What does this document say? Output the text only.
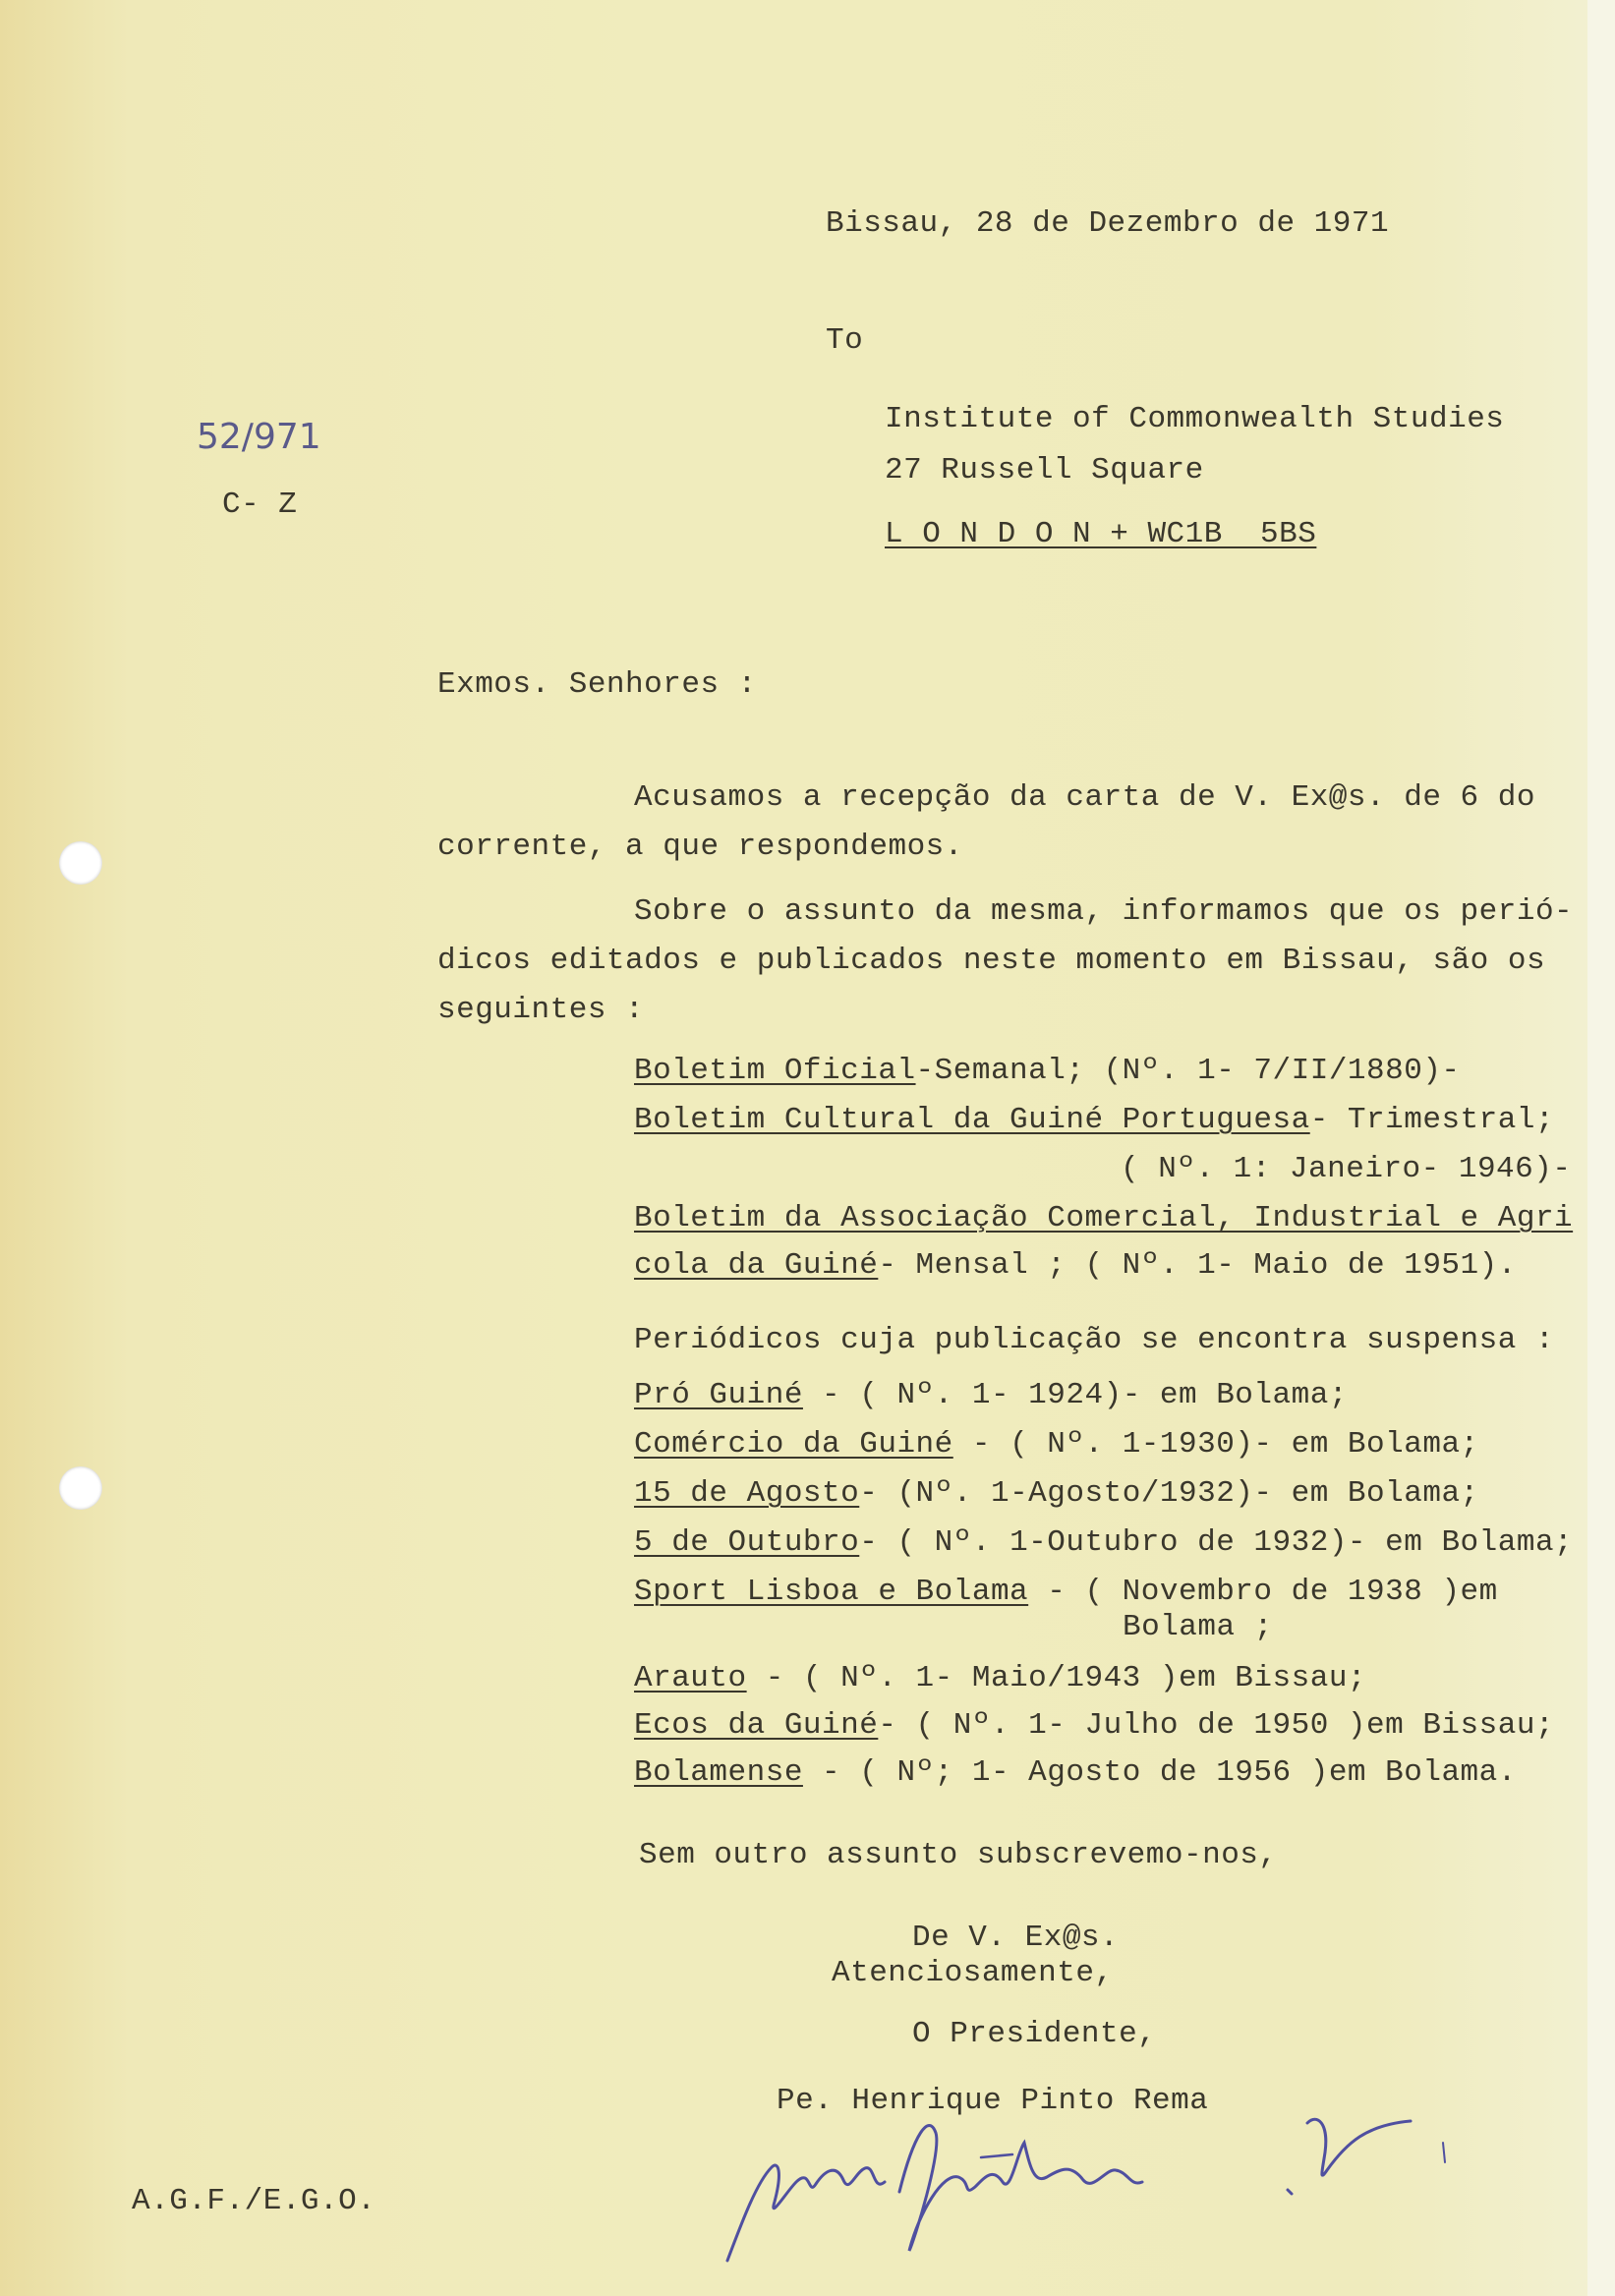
Bissau, 28 de Dezembro de 1971
To
Institute of Commonwealth Studies
27 Russell Square
L O N D O N + WC1B  5BS
52/971
C- Z
Exmos. Senhores :
Acusamos a recepção da carta de V. Ex@s. de 6 do
corrente, a que respondemos.
Sobre o assunto da mesma, informamos que os perió-
dicos editados e publicados neste momento em Bissau, são os
seguintes :
Boletim Oficial-Semanal; (Nº. 1- 7/II/1880)-
Boletim Cultural da Guiné Portuguesa- Trimestral;
( Nº. 1: Janeiro- 1946)-
Boletim da Associação Comercial, Industrial e Agri
cola da Guiné- Mensal ; ( Nº. 1- Maio de 1951).
Periódicos cuja publicação se encontra suspensa :
Pró Guiné - ( Nº. 1- 1924)- em Bolama;
Comércio da Guiné - ( Nº. 1-1930)- em Bolama;
15 de Agosto- (Nº. 1-Agosto/1932)- em Bolama;
5 de Outubro- ( Nº. 1-Outubro de 1932)- em Bolama;
Sport Lisboa e Bolama - ( Novembro de 1938 )em
Bolama ;
Arauto - ( Nº. 1- Maio/1943 )em Bissau;
Ecos da Guiné- ( Nº. 1- Julho de 1950 )em Bissau;
Bolamense - ( Nº; 1- Agosto de 1956 )em Bolama.
Sem outro assunto subscrevemo-nos,
De V. Ex@s.
Atenciosamente,
O Presidente,
Pe. Henrique Pinto Rema
A.G.F./E.G.O.
